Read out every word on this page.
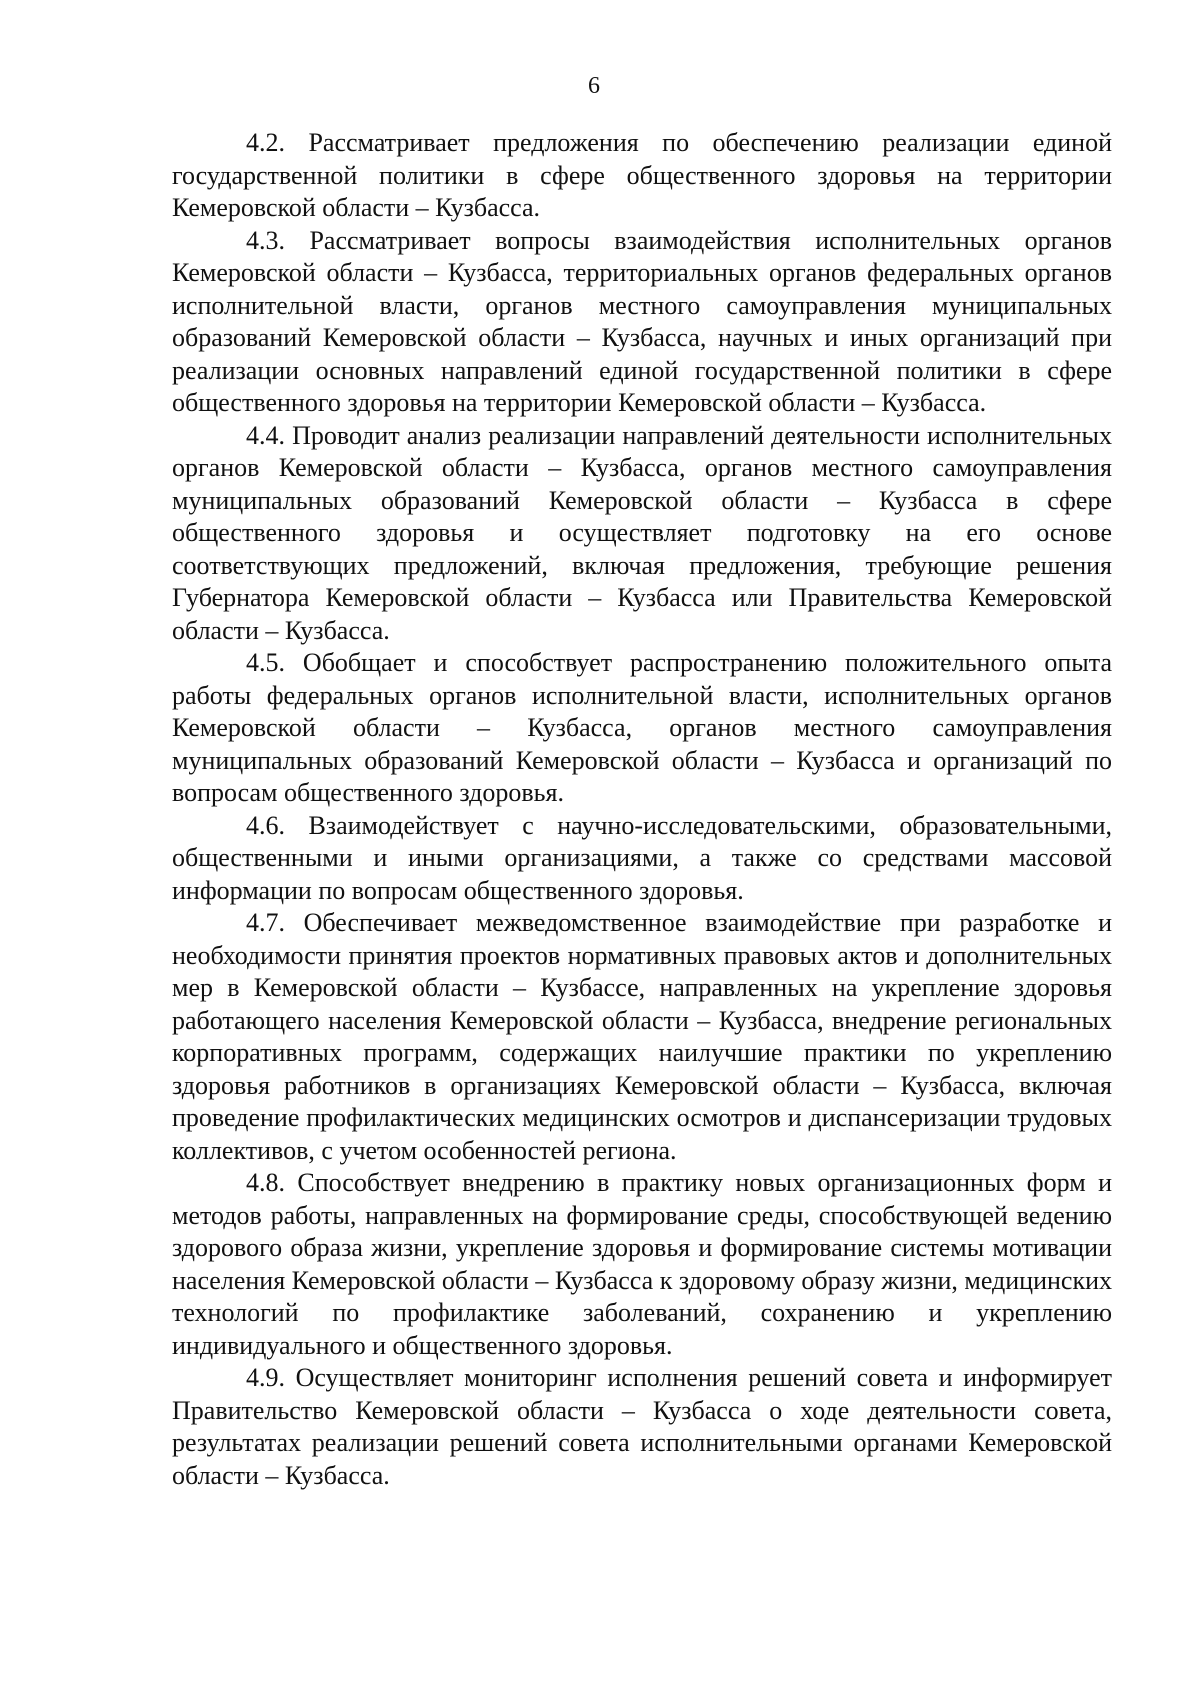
6

4.2. Рассматривает предложения по обеспечению реализации единой государственной политики в сфере общественного здоровья на территории Кемеровской области – Кузбасса.

4.3. Рассматривает вопросы взаимодействия исполнительных органов Кемеровской области – Кузбасса, территориальных органов федеральных органов исполнительной власти, органов местного самоуправления муниципальных образований Кемеровской области – Кузбасса, научных и иных организаций при реализации основных направлений единой государственной политики в сфере общественного здоровья на территории Кемеровской области – Кузбасса.

4.4. Проводит анализ реализации направлений деятельности исполнительных органов Кемеровской области – Кузбасса, органов местного самоуправления муниципальных образований Кемеровской области – Кузбасса в сфере общественного здоровья и осуществляет подготовку на его основе соответствующих предложений, включая предложения, требующие решения Губернатора Кемеровской области – Кузбасса или Правительства Кемеровской области – Кузбасса.

4.5. Обобщает и способствует распространению положительного опыта работы федеральных органов исполнительной власти, исполнительных органов Кемеровской области – Кузбасса, органов местного самоуправления муниципальных образований Кемеровской области – Кузбасса и организаций по вопросам общественного здоровья.

4.6. Взаимодействует с научно-исследовательскими, образовательными, общественными и иными организациями, а также со средствами массовой информации по вопросам общественного здоровья.

4.7. Обеспечивает межведомственное взаимодействие при разработке и необходимости принятия проектов нормативных правовых актов и дополнительных мер в Кемеровской области – Кузбассе, направленных на укрепление здоровья работающего населения Кемеровской области – Кузбасса, внедрение региональных корпоративных программ, содержащих наилучшие практики по укреплению здоровья работников в организациях Кемеровской области – Кузбасса, включая проведение профилактических медицинских осмотров и диспансеризации трудовых коллективов, с учетом особенностей региона.

4.8. Способствует внедрению в практику новых организационных форм и методов работы, направленных на формирование среды, способствующей ведению здорового образа жизни, укрепление здоровья и формирование системы мотивации населения Кемеровской области – Кузбасса к здоровому образу жизни, медицинских технологий по профилактике заболеваний, сохранению и укреплению индивидуального и общественного здоровья.

4.9. Осуществляет мониторинг исполнения решений совета и информирует Правительство Кемеровской области – Кузбасса о ходе деятельности совета, результатах реализации решений совета исполнительными органами Кемеровской области – Кузбасса.
